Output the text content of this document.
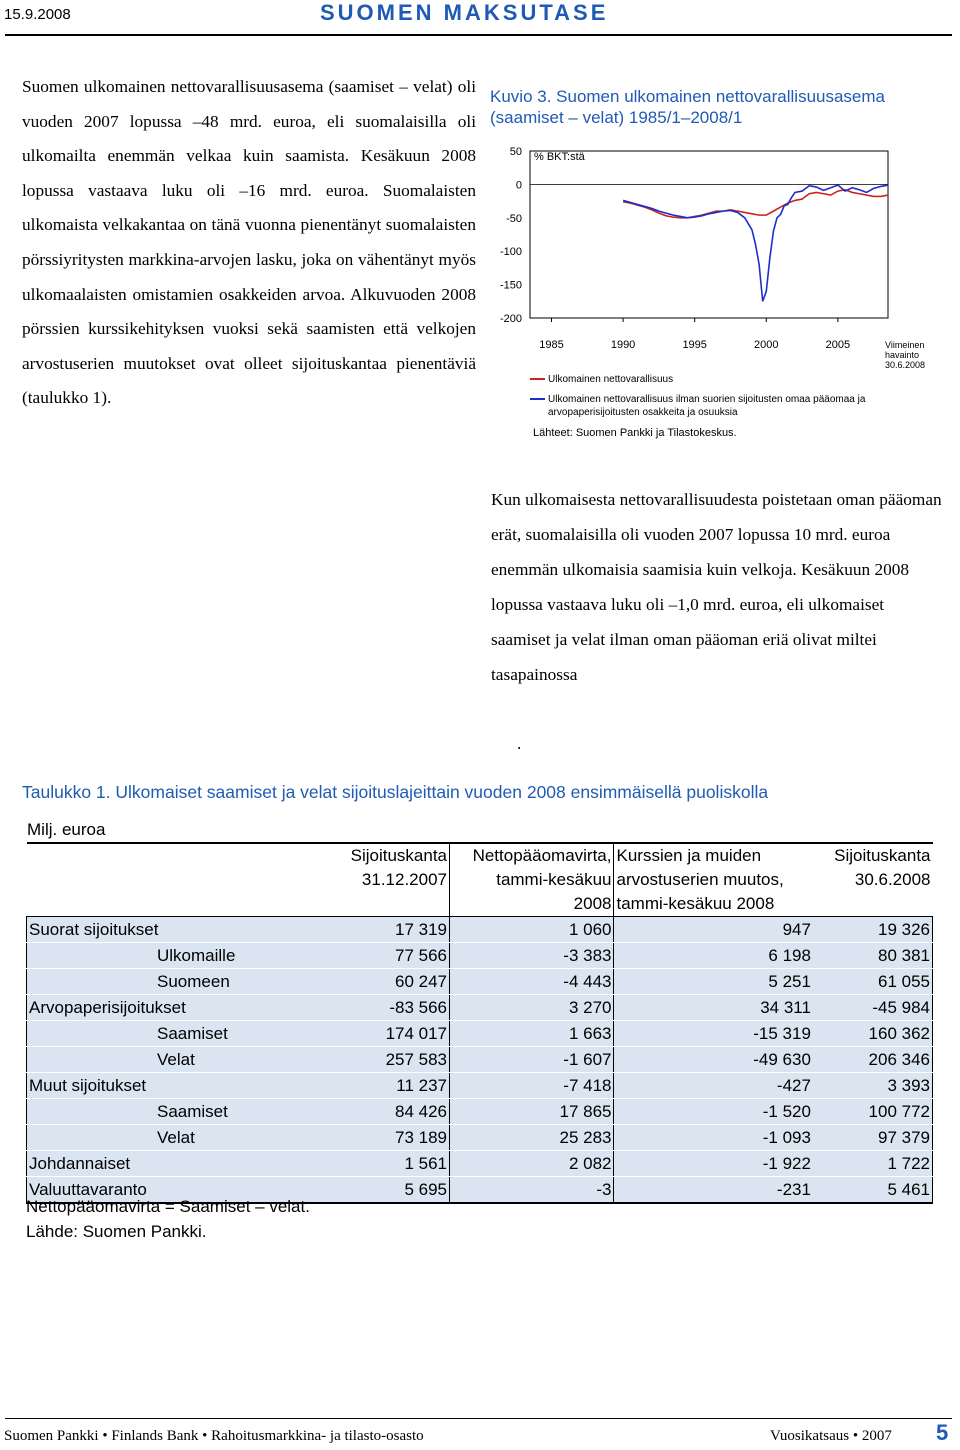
15.9.2008	SUOMEN MAKSUTASE

Suomen ulkomainen nettovarallisuusasema (saamiset – velat) oli vuoden 2007 lopussa –48 mrd. euroa, eli suomalaisilla oli ulkomailta enemmän velkaa kuin saamista. Kesäkuun 2008 lopussa vastaava luku oli –16 mrd. euroa. Suomalaisten ulkomaista velkakantaa on tänä vuonna pienentänyt suomalaisten pörssiyritysten markkina-arvojen lasku, joka on vähentänyt myös ulkomaalaisten omistamien osakkeiden arvoa. Alkuvuoden 2008 pörssien kurssikehityksen vuoksi sekä saamisten että velkojen arvostuserien muutokset ovat olleet sijoituskantaa pienentäviä (taulukko 1).

Kuvio 3. Suomen ulkomainen nettovarallisuusasema (saamiset – velat) 1985/1–2008/1
50
0
-50
-100
-150
-200
1985	1990	1995	2000	2005
% BKT:stä
Viimeinen
havainto
30.6.2008
Ulkomainen nettovarallisuus
Ulkomainen nettovarallisuus ilman suorien sijoitusten omaa pääomaa ja
arvopaperisijoitusten osakkeita ja osuuksia
Lähteet: Suomen Pankki ja Tilastokeskus.

Kun ulkomaisesta nettovarallisuudesta poistetaan oman pääoman erät, suomalaisilla oli vuoden 2007 lopussa 10 mrd. euroa enemmän ulkomaisia saamisia kuin velkoja. Kesäkuun 2008 lopussa vastaava luku oli –1,0 mrd. euroa, eli ulkomaiset saamiset ja velat ilman oman pääoman eriä olivat miltei tasapainossa

.
Taulukko 1. Ulkomaiset saamiset ja velat sijoituslajeittain vuoden 2008 ensimmäisellä puoliskolla
Milj. euroa
	Sijoituskanta	Nettopääomavirta,	Kurssien ja muiden	Sijoituskanta
	31.12.2007	tammi-kesäkuu	arvostuserien muutos,	30.6.2008
		2008	tammi-kesäkuu 2008	
Suorat sijoitukset	17 319	1 060	947	19 326
Ulkomaille	77 566	-3 383	6 198	80 381
Suomeen	60 247	-4 443	5 251	61 055
Arvopaperisijoitukset	-83 566	3 270	34 311	-45 984
Saamiset	174 017	1 663	-15 319	160 362
Velat	257 583	-1 607	-49 630	206 346
Muut sijoitukset	11 237	-7 418	-427	3 393
Saamiset	84 426	17 865	-1 520	100 772
Velat	73 189	25 283	-1 093	97 379
Johdannaiset	1 561	2 082	-1 922	1 722
Valuuttavaranto	5 695	-3	-231	5 461
Nettopääomavirta = Saamiset – velat.
Lähde: Suomen Pankki.
Suomen Pankki • Finlands Bank • Rahoitusmarkkina- ja tilasto-osasto	Vuosikatsaus • 2007 5
